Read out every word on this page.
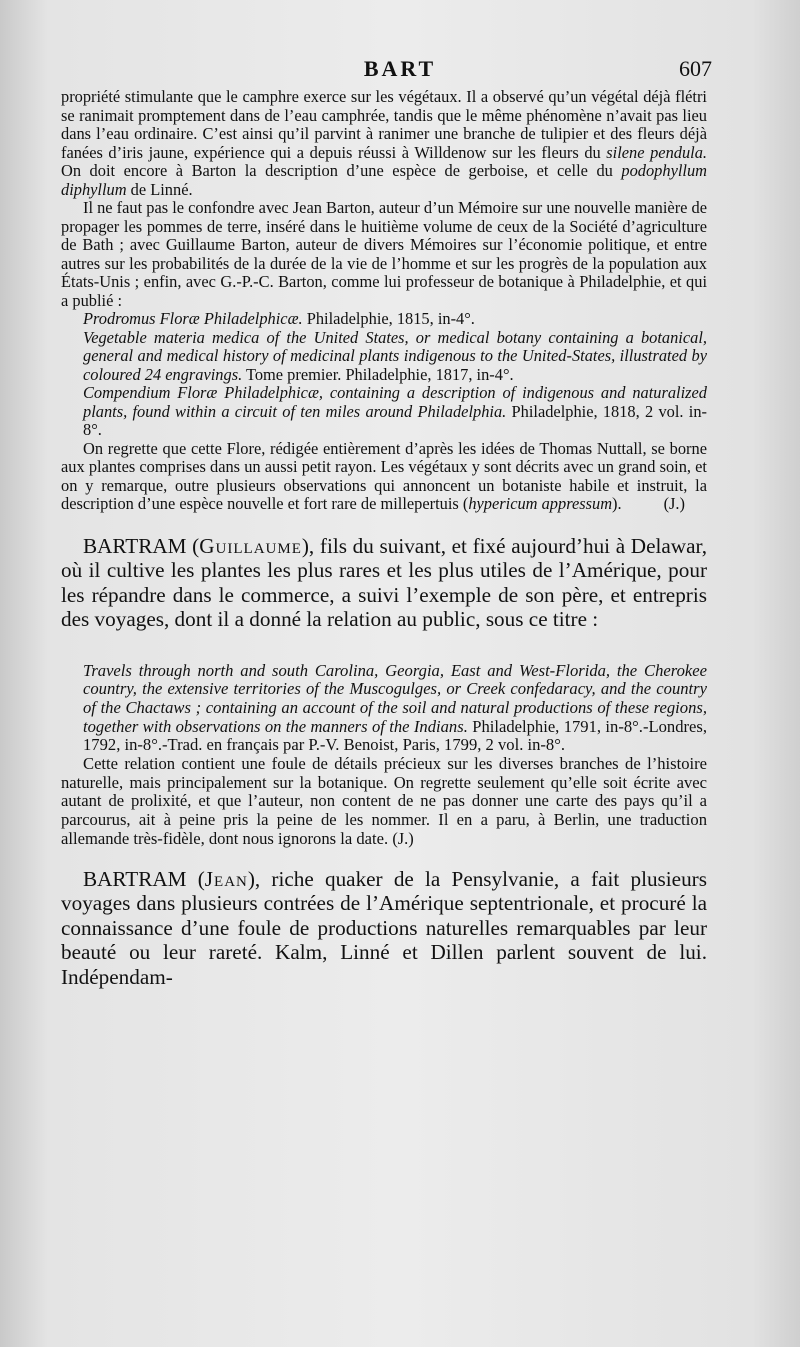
BART	607

propriété stimulante que le camphre exerce sur les végétaux. Il a observé qu’un végétal déjà flétri se ranimait promptement dans de l’eau camphrée, tandis que le même phénomène n’avait pas lieu dans l’eau ordinaire. C’est ainsi qu’il parvint à ranimer une branche de tulipier et des fleurs déjà fanées d’iris jaune, expérience qui a depuis réussi à Willdenow sur les fleurs du silene pendula. On doit encore à Barton la description d’une espèce de gerboise, et celle du podophyllum diphyllum de Linné.

Il ne faut pas le confondre avec Jean Barton, auteur d’un Mémoire sur une nouvelle manière de propager les pommes de terre, inséré dans le huitième volume de ceux de la Société d’agriculture de Bath ; avec Guillaume Barton, auteur de divers Mémoires sur l’économie politique, et entre autres sur les probabilités de la durée de la vie de l’homme et sur les progrès de la population aux États-Unis ; enfin, avec G.-P.-C. Barton, comme lui professeur de botanique à Philadelphie, et qui a publié :

Prodromus Floræ Philadelphicæ. Philadelphie, 1815, in-4°.

Vegetable materia medica of the United States, or medical botany containing a botanical, general and medical history of medicinal plants indigenous to the United-States, illustrated by coloured 24 engravings. Tome premier. Philadelphie, 1817, in-4°.

Compendium Floræ Philadelphicæ, containing a description of indigenous and naturalized plants, found within a circuit of ten miles around Philadelphia. Philadelphie, 1818, 2 vol. in-8°.

On regrette que cette Flore, rédigée entièrement d’après les idées de Thomas Nuttall, se borne aux plantes comprises dans un aussi petit rayon. Les végétaux y sont décrits avec un grand soin, et on y remarque, outre plusieurs observations qui annoncent un botaniste habile et instruit, la description d’une espèce nouvelle et fort rare de millepertuis (hypericum appressum).	(J.)

BARTRAM (Guillaume), fils du suivant, et fixé aujourd’hui à Delawar, où il cultive les plantes les plus rares et les plus utiles de l’Amérique, pour les répandre dans le commerce, a suivi l’exemple de son père, et entrepris des voyages, dont il a donné la relation au public, sous ce titre :

Travels through north and south Carolina, Georgia, East and West-Florida, the Cherokee country, the extensive territories of the Muscogulges, or Creek confedaracy, and the country of the Chactaws ; containing an account of the soil and natural productions of these regions, together with observations on the manners of the Indians. Philadelphie, 1791, in-8°.-Londres, 1792, in-8°.-Trad. en français par P.-V. Benoist, Paris, 1799, 2 vol. in-8°.

Cette relation contient une foule de détails précieux sur les diverses branches de l’histoire naturelle, mais principalement sur la botanique. On regrette seulement qu’elle soit écrite avec autant de prolixité, et que l’auteur, non content de ne pas donner une carte des pays qu’il a parcourus, ait à peine pris la peine de les nommer. Il en a paru, à Berlin, une traduction allemande très-fidèle, dont nous ignorons la date. (J.)

BARTRAM (Jean), riche quaker de la Pensylvanie, a fait plusieurs voyages dans plusieurs contrées de l’Amérique septentrionale, et procuré la connaissance d’une foule de productions naturelles remarquables par leur beauté ou leur rareté. Kalm, Linné et Dillen parlent souvent de lui. Indépendam-
